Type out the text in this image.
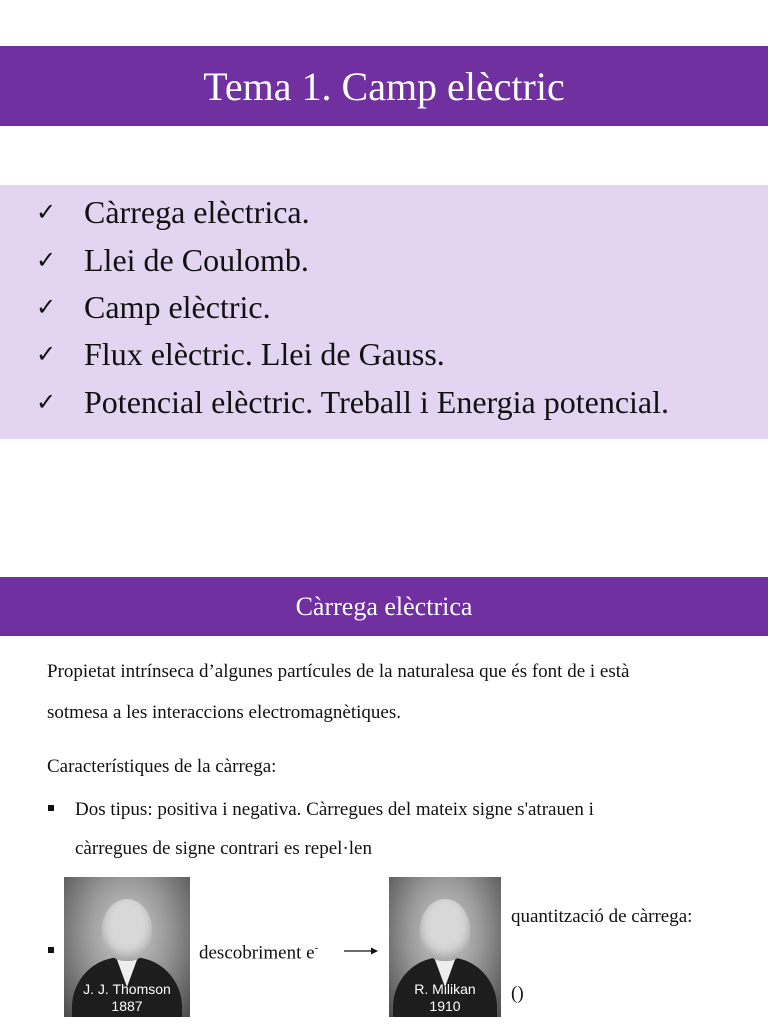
Tema 1. Camp elèctric
✓ Càrrega elèctrica.
✓ Llei de Coulomb.
✓ Camp elèctric.
✓ Flux elèctric. Llei de Gauss.
✓ Potencial elèctric. Treball i Energia potencial.
Càrrega elèctrica
Propietat intrínseca d’algunes partícules de la naturalesa que és font de i està
sotmesa a les interaccions electromagnètiques.
Característiques de la càrrega:
Dos tipus: positiva i negativa. Càrregues del mateix signe s'atrauen i
càrregues de signe contrari es repel·len
J. J. Thomson
1887
descobriment e-
R. Milikan
1910
quantització de càrrega:
()
